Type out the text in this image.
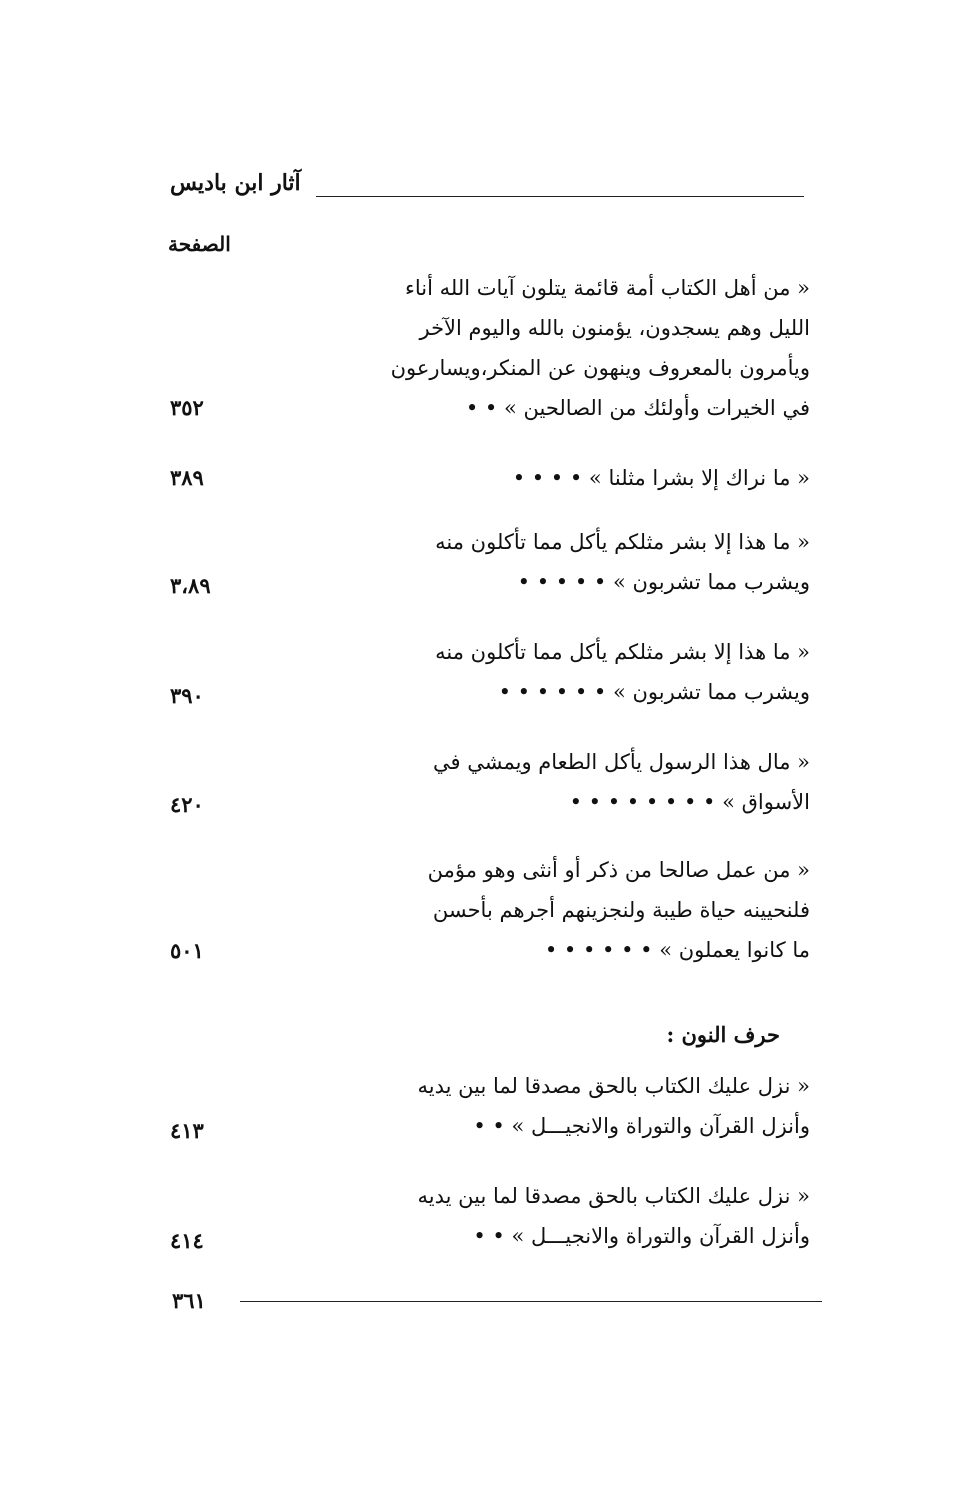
آثار ابن باديس
الصفحة
« من أهل الكتاب أمة قائمة يتلون آيات الله أناء
الليل وهم يسجدون، يؤمنون بالله واليوم الآخر
ويأمرون بالمعروف وينهون عن المنكر،ويسارعون
في الخيرات وأولئك من الصالحين » • •
٣٥٢
« ما نراك إلا بشرا مثلنا » • • • •
٣٨٩
« ما هذا إلا بشر مثلكم يأكل مما تأكلون منه
ويشرب مما تشربون » • • • • •
٣،٨٩
« ما هذا إلا بشر مثلكم يأكل مما تأكلون منه
ويشرب مما تشربون » • • • • • •
٣٩٠
« مال هذا الرسول يأكل الطعام ويمشي في
الأسواق » • • • • • • • •
٤٢٠
« من عمل صالحا من ذكر أو أنثى وهو مؤمن
فلنحيينه حياة طيبة ولنجزينهم أجرهم بأحسن
ما كانوا يعملون » • • • • • •
٥٠١
حرف النون :
« نزل عليك الكتاب بالحق مصدقا لما بين يديه
وأنزل القرآن والتوراة والانجيـــل » • •
٤١٣
« نزل عليك الكتاب بالحق مصدقا لما بين يديه
وأنزل القرآن والتوراة والانجيـــل » • •
٤١٤
٣٦١
